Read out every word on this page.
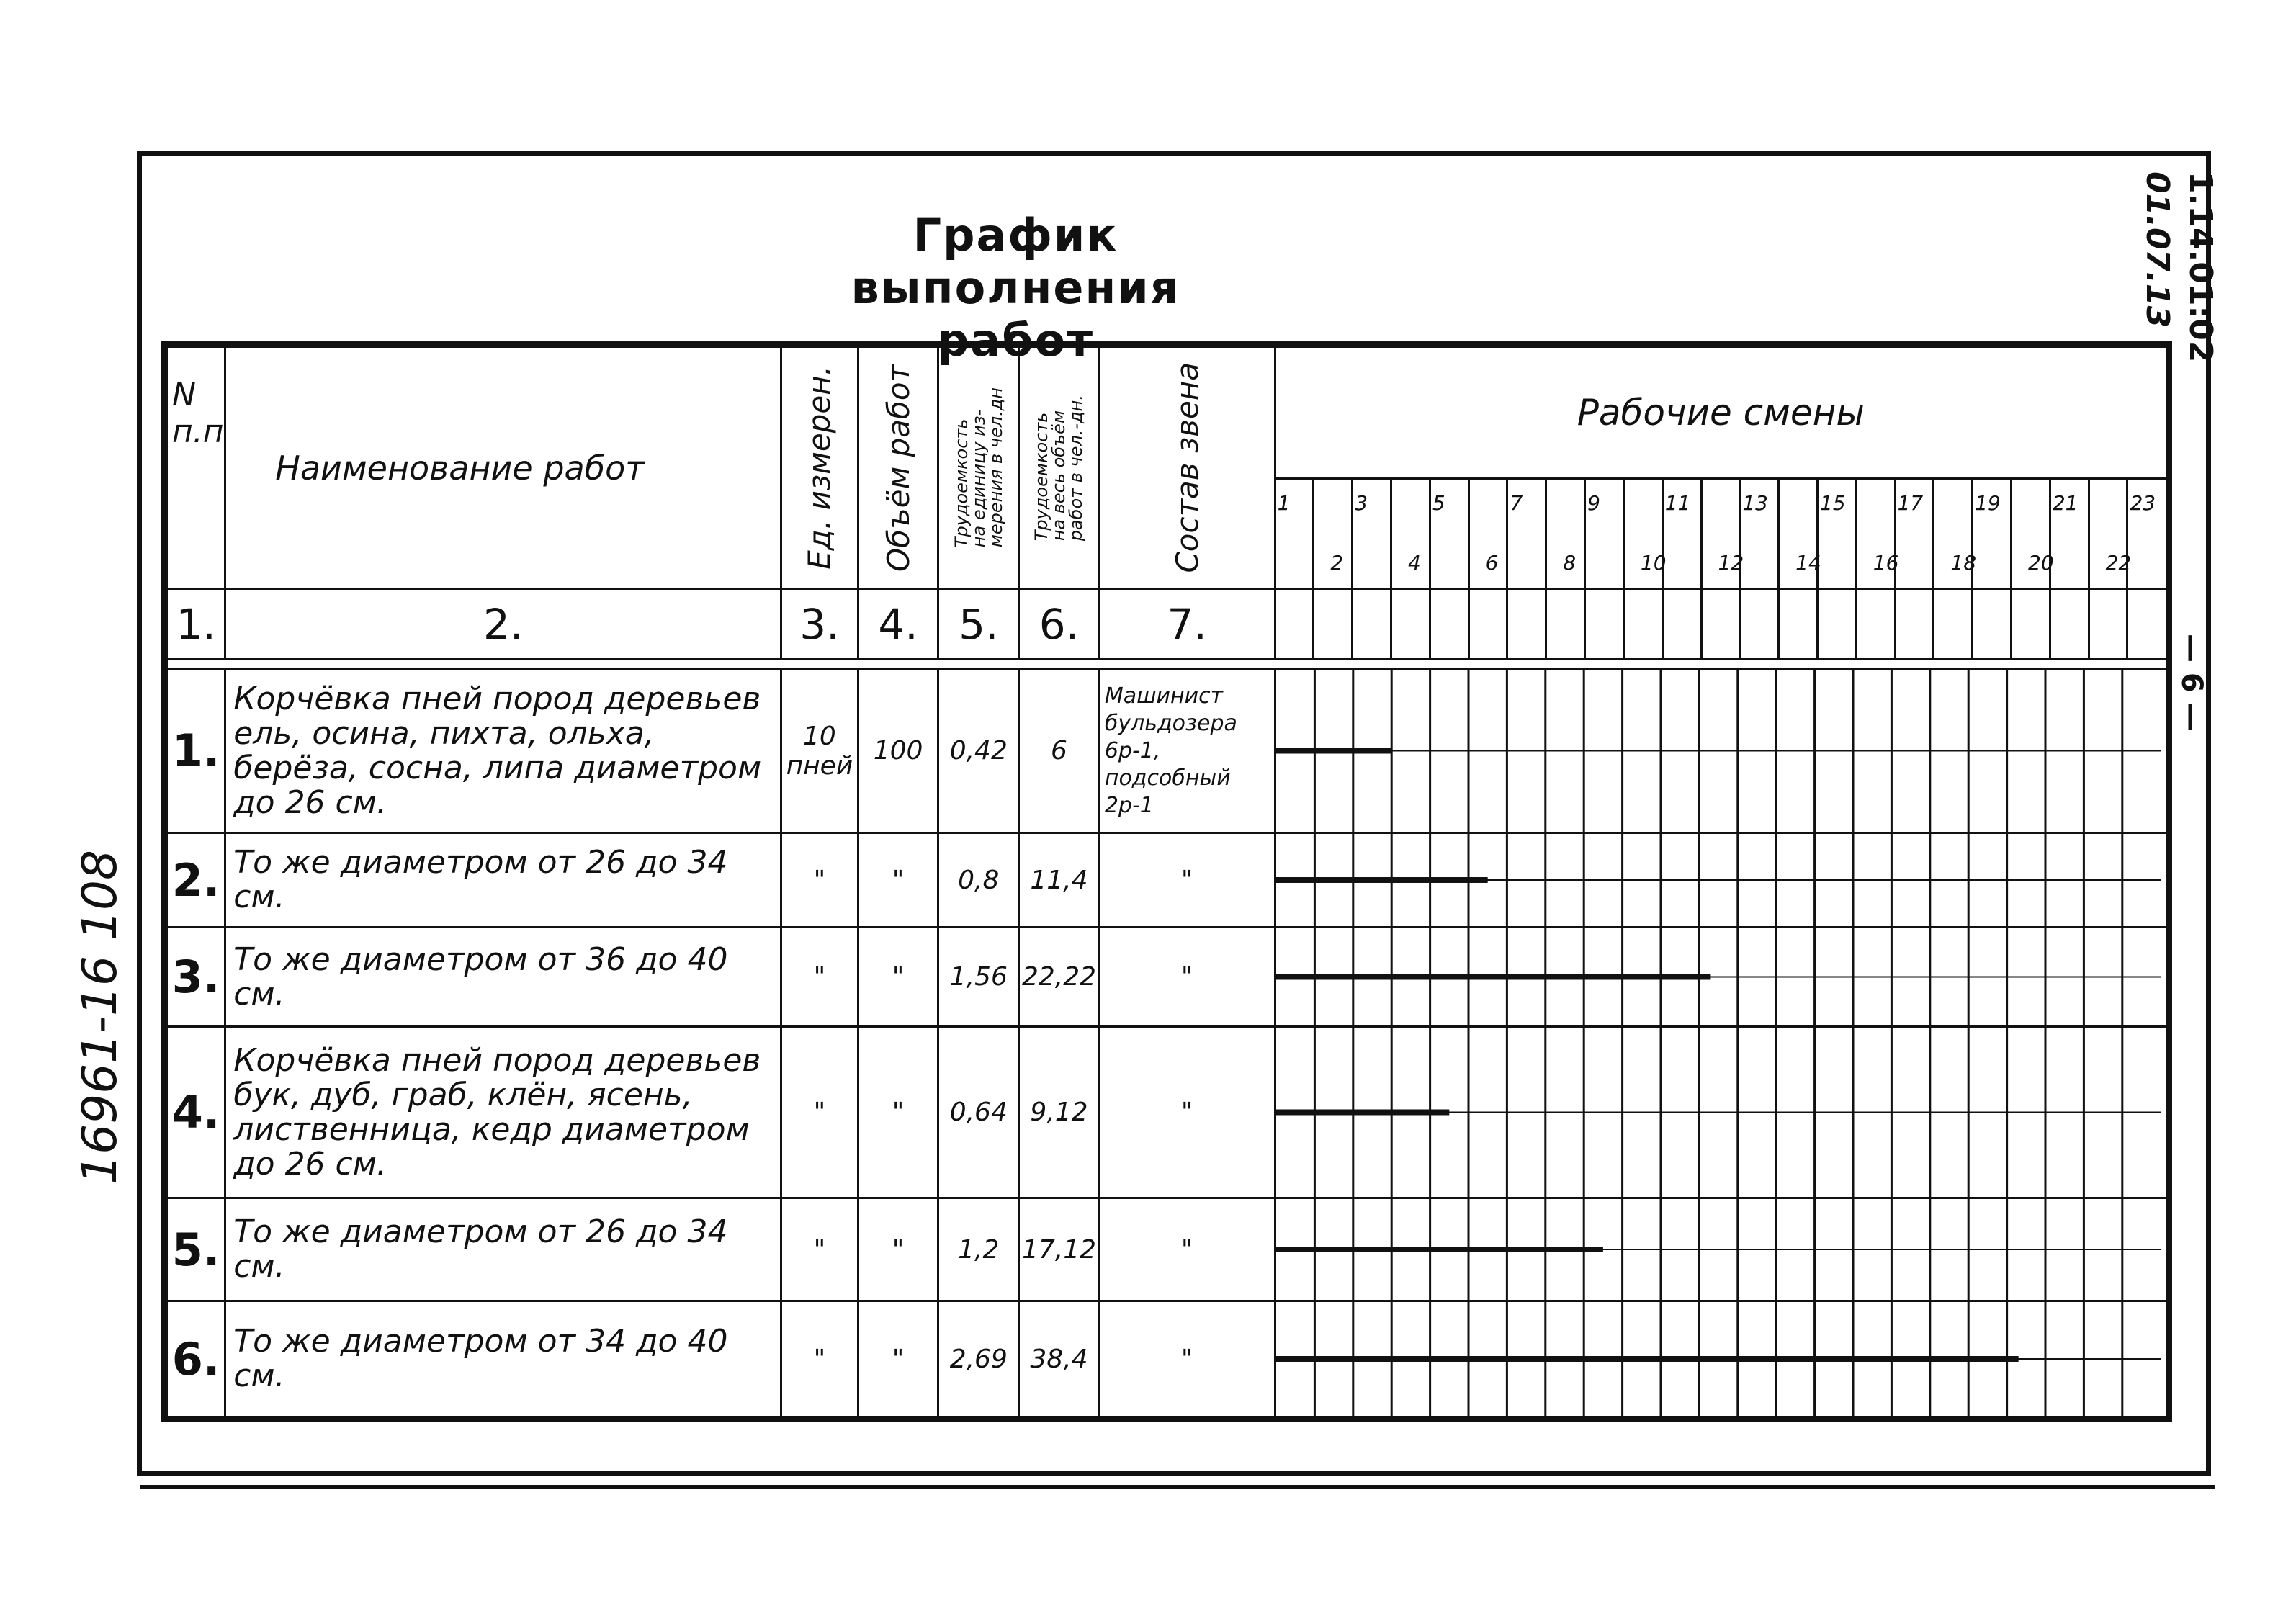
График выполнения работ	1.14.01:02
01.07.13
— 6 —
16961-16 108
N п.п	Наименование работ	Ед. измерен.	Объём работ	Трудоемкость
на единицу из-
мерения в чел.дн	Трудоемкость
на весь объём
работ в чел.-дн.	Состав звена	Рабочие смены																						

							1	2	3	4	5	6	7	8	9	10	11	12	13	14	15	16	17	18	19	20	21	22	23

1.	2.	3.	4.	5.	6.	7.																							

1.	Корчёвка пней пород деревьев ель, осина, пихта, ольха, берёза, сосна, липа диаметром до 26 см.	10 пней	100	0,42	6	Машинист бульдозера 6р-1, подсобный 2р-1	

2.	То же диаметром от 26 до 34 см.	"	"	0,8	11,4	"	

3.	То же диаметром от 36 до 40 см.	"	"	1,56	22,22	"	

4.	Корчёвка пней пород деревьев бук, дуб, граб, клён, ясень, лиственница, кедр диаметром до 26 см.	"	"	0,64	9,12	"	

5.	То же диаметром от 26 до 34 см.	"	"	1,2	17,12	"	

6.	То же диаметром от 34 до 40 см.	"	"	2,69	38,4	"	
